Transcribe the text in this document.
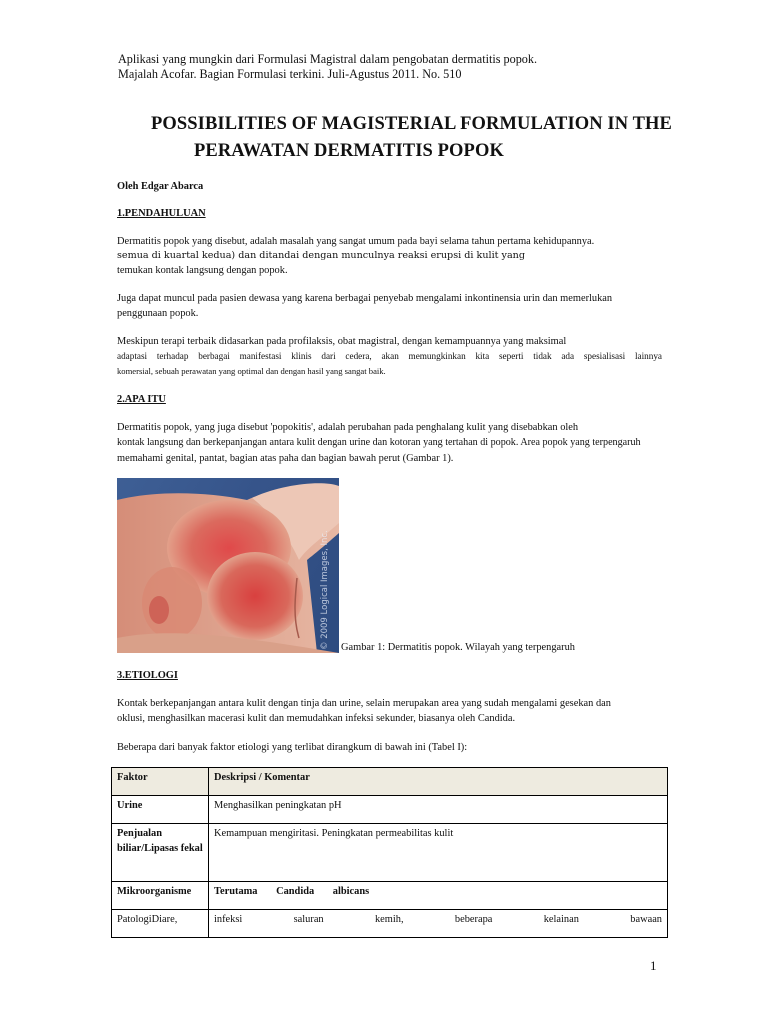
Aplikasi yang mungkin dari Formulasi Magistral dalam pengobatan dermatitis popok.
Majalah Acofar. Bagian Formulasi terkini. Juli-Agustus 2011. No. 510
POSSIBILITIES OF MAGISTERIAL FORMULATION IN THE
PERAWATAN DERMATITIS POPOK
Oleh Edgar Abarca
1.PENDAHULUAN
Dermatitis popok yang disebut, adalah masalah yang sangat umum pada bayi selama tahun pertama kehidupannya.
semua di kuartal kedua) dan ditandai dengan munculnya reaksi erupsi di kulit yang
temukan kontak langsung dengan popok.
Juga dapat muncul pada pasien dewasa yang karena berbagai penyebab mengalami inkontinensia urin dan memerlukan
penggunaan popok.
Meskipun terapi terbaik didasarkan pada profilaksis, obat magistral, dengan kemampuannya yang maksimal
adaptasi terhadap berbagai manifestasi klinis dari cedera, akan memungkinkan kita seperti tidak ada spesialisasi lainnya
komersial, sebuah perawatan yang optimal dan dengan hasil yang sangat baik.
2.APA ITU
Dermatitis popok, yang juga disebut 'popokitis', adalah perubahan pada penghalang kulit yang disebabkan oleh
kontak langsung dan berkepanjangan antara kulit dengan urine dan kotoran yang tertahan di popok. Area popok yang terpengaruh
memahami genital, pantat, bagian atas paha dan bagian bawah perut (Gambar 1).
© 2009 Logical Images, Inc. Gambar 1: Dermatitis popok. Wilayah yang terpengaruh
3.ETIOLOGI
Kontak berkepanjangan antara kulit dengan tinja dan urine, selain merupakan area yang sudah mengalami gesekan dan
oklusi, menghasilkan macerasi kulit dan memudahkan infeksi sekunder, biasanya oleh Candida.
Beberapa dari banyak faktor etiologi yang terlibat dirangkum di bawah ini (Tabel I):
Faktor	Deskripsi / Komentar
Urine	Menghasilkan peningkatan pH
Penjualan biliar/Lipasas fekal	Kemampuan mengiritasi. Peningkatan permeabilitas kulit
Mikroorganisme	Terutama Candida albicans
PatologiDiare,	infeksi saluran kemih, beberapa kelainan bawaan
1
